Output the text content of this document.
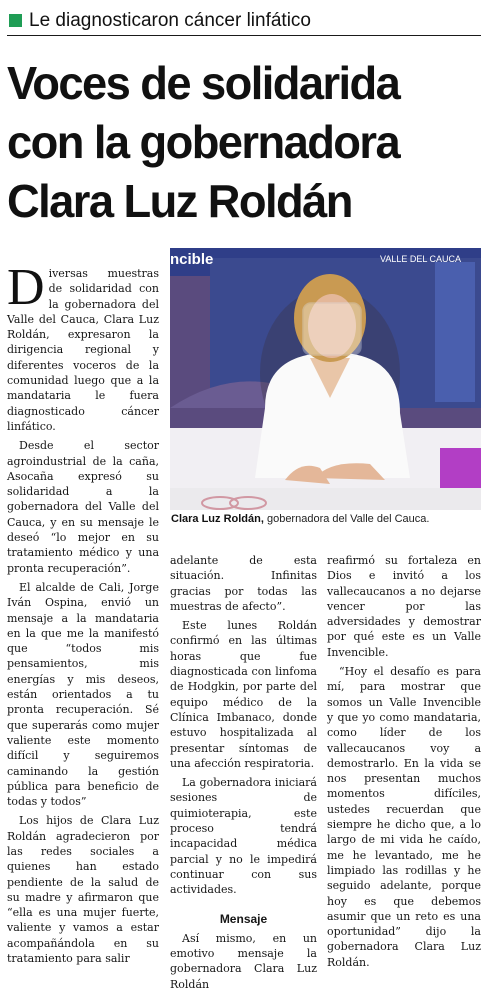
Le diagnosticaron cáncer linfático
Voces de solidarida
con la gobernadora
Clara Luz Roldán

Diversas muestras de solidaridad con la gobernadora del Valle del Cauca, Clara Luz Roldán, expresaron la dirigencia regional y diferentes voceros de la comunidad luego que a la mandataria le fuera diagnosticado cáncer linfático.

Desde el sector agroindustrial de la caña, Asocaña expresó su solidaridad a la gobernadora del Valle del Cauca, y en su mensaje le deseó “lo mejor en su tratamiento médico y una pronta recuperación”.

El alcalde de Cali, Jorge Iván Ospina, envió un mensaje a la mandataria en la que me la manifestó que “todos mis pensamientos, mis energías y mis deseos, están orientados a tu pronta recuperación. Sé que superarás como mujer valiente este momento difícil y seguiremos caminando la gestión pública para beneficio de todas y todos”

Los hijos de Clara Luz Roldán agradecieron por las redes sociales a quienes han estado pendiente de la salud de su madre y afirmaron que “ella es una mujer fuerte, valiente y vamos a estar acompañándola en su tratamiento para salir

ncible	VALLE DEL CAUCA
Clara Luz Roldán, gobernadora del Valle del Cauca.

adelante de esta situación. Infinitas gracias por todas las muestras de afecto”.

Este lunes Roldán confirmó en las últimas horas que fue diagnosticada con linfoma de Hodgkin, por parte del equipo médico de la Clínica Imbanaco, donde estuvo hospitalizada al presentar síntomas de una afección respiratoria.

La gobernadora iniciará sesiones de quimioterapia, este proceso tendrá incapacidad médica parcial y no le impedirá continuar con sus actividades.

Mensaje

Así mismo, en un emotivo mensaje la gobernadora Clara Luz Roldán

reafirmó su fortaleza en Dios e invitó a los vallecaucanos a no dejarse vencer por las adversidades y demostrar por qué este es un Valle Invencible.

“Hoy el desafío es para mí, para mostrar que somos un Valle Invencible y que yo como mandataria, como líder de los vallecaucanos voy a demostrarlo. En la vida se nos presentan muchos momentos difíciles, ustedes recuerdan que siempre he dicho que, a lo largo de mi vida he caído, me he levantado, me he limpiado las rodillas y he seguido adelante, porque hoy es que debemos asumir que un reto es una oportunidad” dijo la gobernadora Clara Luz Roldán.
